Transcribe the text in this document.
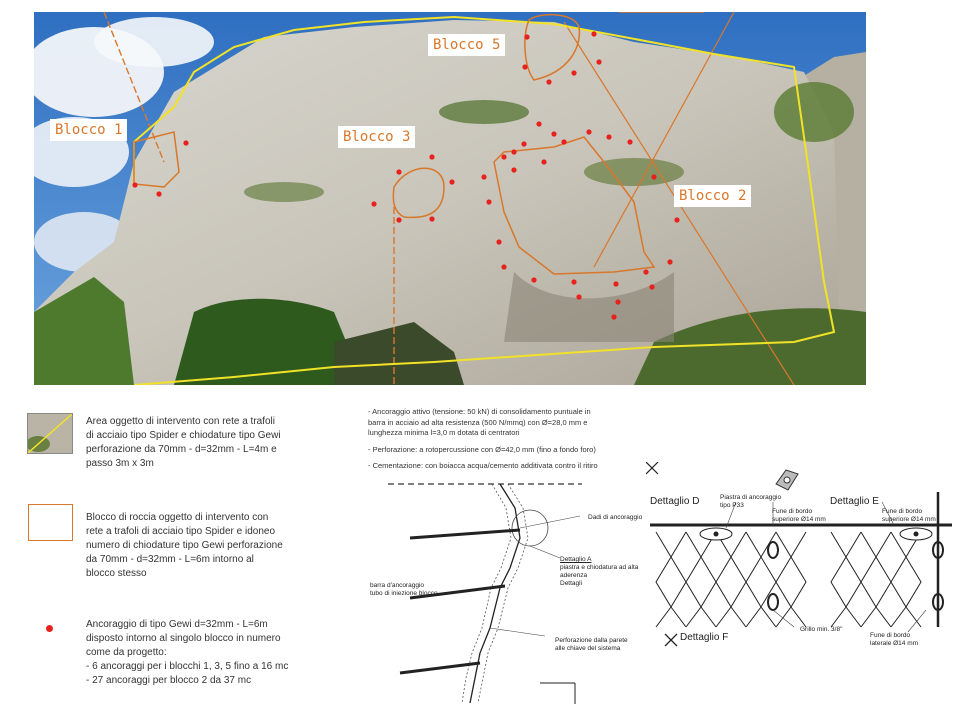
Blocco 1
Blocco 5
Blocco 3
Blocco 2
Area oggetto di intervento con rete a trafoli
di acciaio tipo Spider e chiodature tipo Gewi
perforazione da 70mm - d=32mm - L=4m e
passo 3m x 3m
Blocco di roccia oggetto di intervento con
rete a trafoli di acciaio tipo Spider e idoneo
numero di chiodature tipo Gewi perforazione
da 70mm - d=32mm - L=6m intorno al
blocco stesso
Ancoraggio di tipo Gewi d=32mm - L=6m
disposto intorno al singolo blocco in numero
come da progetto:
- 6 ancoraggi per i blocchi 1, 3, 5 fino a 16 mc
- 27 ancoraggi per blocco 2 da 37 mc
- Ancoraggio attivo (tensione: 50 kN) di consolidamento puntuale in
barra in acciaio ad alta resistenza (500 N/mmq) con Ø=28,0 mm e
lunghezza minima l=3,0 m dotata di centratori
- Perforazione: a rotopercussione con Ø=42,0 mm (fino a fondo foro)
- Cementazione: con boiacca acqua/cemento additivata contro il ritiro
Dadi di ancoraggio
Dettaglio A
piastra e chiodatura ad alta
aderenza
Dettagli
barra d'ancoraggio
tubo di iniezione blocco
Perforazione dalla parete
alle chiave del sistema
Dettaglio D	Dettaglio E
Piastra di ancoraggio
tipo P33
Fune di bordo
superiore Ø14 mm
Fune di bordo
superiore Ø14 mm
Grillo min. 3/8"
Fune di bordo
laterale Ø14 mm
Dettaglio F
